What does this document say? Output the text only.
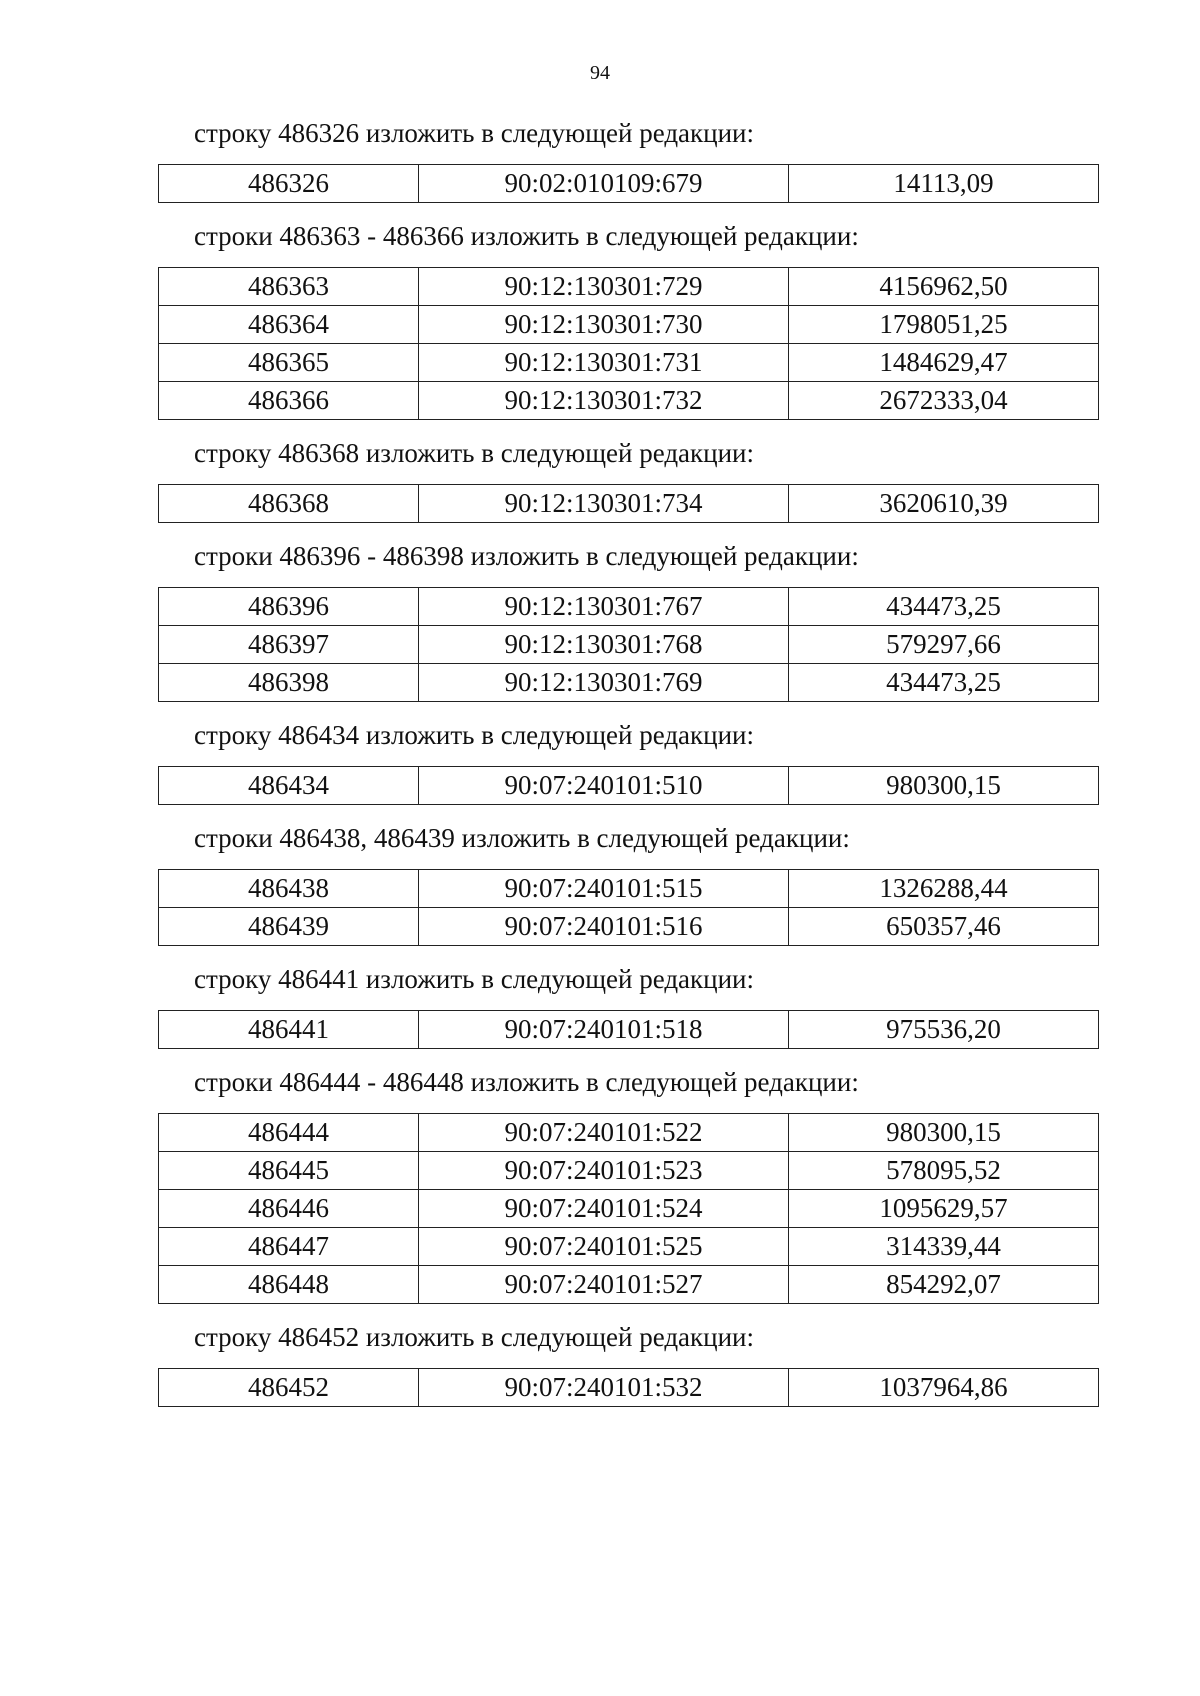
94

строку 486326 изложить в следующей редакции:

486326	90:02:010109:679	14113,09

строки 486363 - 486366 изложить в следующей редакции:

486363	90:12:130301:729	4156962,50
486364	90:12:130301:730	1798051,25
486365	90:12:130301:731	1484629,47
486366	90:12:130301:732	2672333,04

строку 486368 изложить в следующей редакции:

486368	90:12:130301:734	3620610,39

строки 486396 - 486398 изложить в следующей редакции:

486396	90:12:130301:767	434473,25
486397	90:12:130301:768	579297,66
486398	90:12:130301:769	434473,25

строку 486434 изложить в следующей редакции:

486434	90:07:240101:510	980300,15

строки 486438, 486439 изложить в следующей редакции:

486438	90:07:240101:515	1326288,44
486439	90:07:240101:516	650357,46

строку 486441 изложить в следующей редакции:

486441	90:07:240101:518	975536,20

строки 486444 - 486448 изложить в следующей редакции:

486444	90:07:240101:522	980300,15
486445	90:07:240101:523	578095,52
486446	90:07:240101:524	1095629,57
486447	90:07:240101:525	314339,44
486448	90:07:240101:527	854292,07

строку 486452 изложить в следующей редакции:

486452	90:07:240101:532	1037964,86
